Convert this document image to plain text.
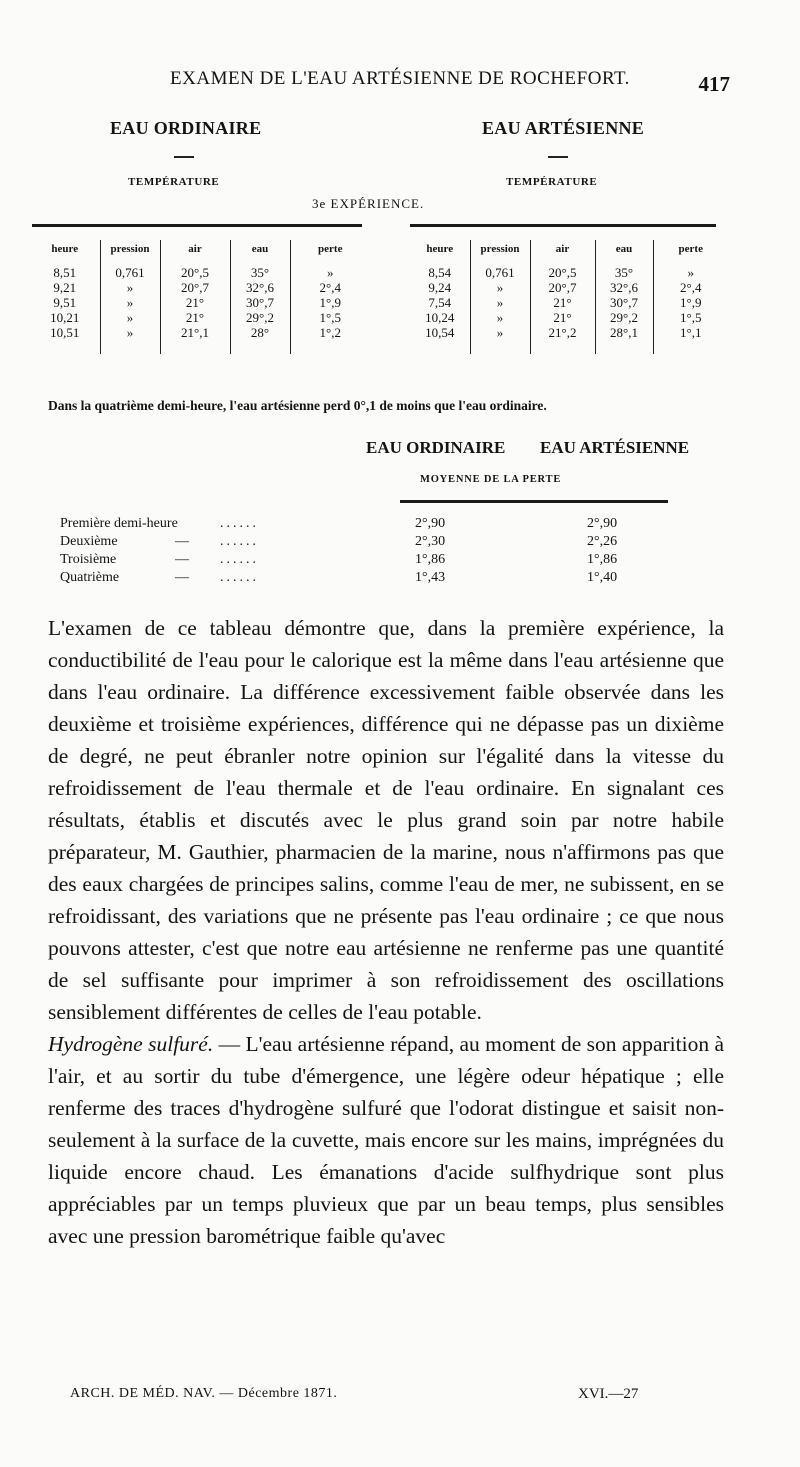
EXAMEN DE L'EAU ARTÉSIENNE DE ROCHEFORT.	417
EAU ORDINAIRE	EAU ARTÉSIENNE
TEMPÉRATURE	TEMPÉRATURE
3e EXPÉRIENCE.
heure	pression	air	eau	perte
8,51	0,761	20°,5	35°	»
9,21	»	20°,7	32°,6	2°,4
9,51	»	21°	30°,7	1°,9
10,21	»	21°	29°,2	1°,5
10,51	»	21°,1	28°	1°,2

heure	pression	air	eau	perte
8,54	0,761	20°,5	35°	»
9,24	»	20°,7	32°,6	2°,4
7,54	»	21°	30°,7	1°,9
10,24	»	21°	29°,2	1°,5
10,54	»	21°,2	28°,1	1°,1

Dans la quatrième demi-heure, l'eau artésienne perd 0°,1 de moins que l'eau ordinaire.
EAU ORDINAIRE EAU ARTÉSIENNE
MOYENNE DE LA PERTE
Première demi-heure	......	2°,90	2°,90
Deuxième	— ......	2°,30	2°,26
Troisième	— ......	1°,86	1°,86
Quatrième	— ......	1°,43	1°,40

L'examen de ce tableau démontre que, dans la première expérience, la conductibilité de l'eau pour le calorique est la même dans l'eau artésienne que dans l'eau ordinaire. La différence excessivement faible observée dans les deuxième et troisième expériences, différence qui ne dépasse pas un dixième de degré, ne peut ébranler notre opinion sur l'égalité dans la vitesse du refroidissement de l'eau thermale et de l'eau ordinaire. En signalant ces résultats, établis et discutés avec le plus grand soin par notre habile préparateur, M. Gauthier, pharmacien de la marine, nous n'affirmons pas que des eaux chargées de principes salins, comme l'eau de mer, ne subissent, en se refroidissant, des variations que ne présente pas l'eau ordinaire ; ce que nous pouvons attester, c'est que notre eau artésienne ne renferme pas une quantité de sel suffisante pour imprimer à son refroidissement des oscillations sensiblement différentes de celles de l'eau potable.

Hydrogène sulfuré. — L'eau artésienne répand, au moment de son apparition à l'air, et au sortir du tube d'émergence, une légère odeur hépatique ; elle renferme des traces d'hydrogène sulfuré que l'odorat distingue et saisit non-seulement à la surface de la cuvette, mais encore sur les mains, imprégnées du liquide encore chaud. Les émanations d'acide sulfhydrique sont plus appréciables par un temps pluvieux que par un beau temps, plus sensibles avec une pression barométrique faible qu'avec

ARCH. DE MÉD. NAV. — Décembre 1871.	XVI.—27
